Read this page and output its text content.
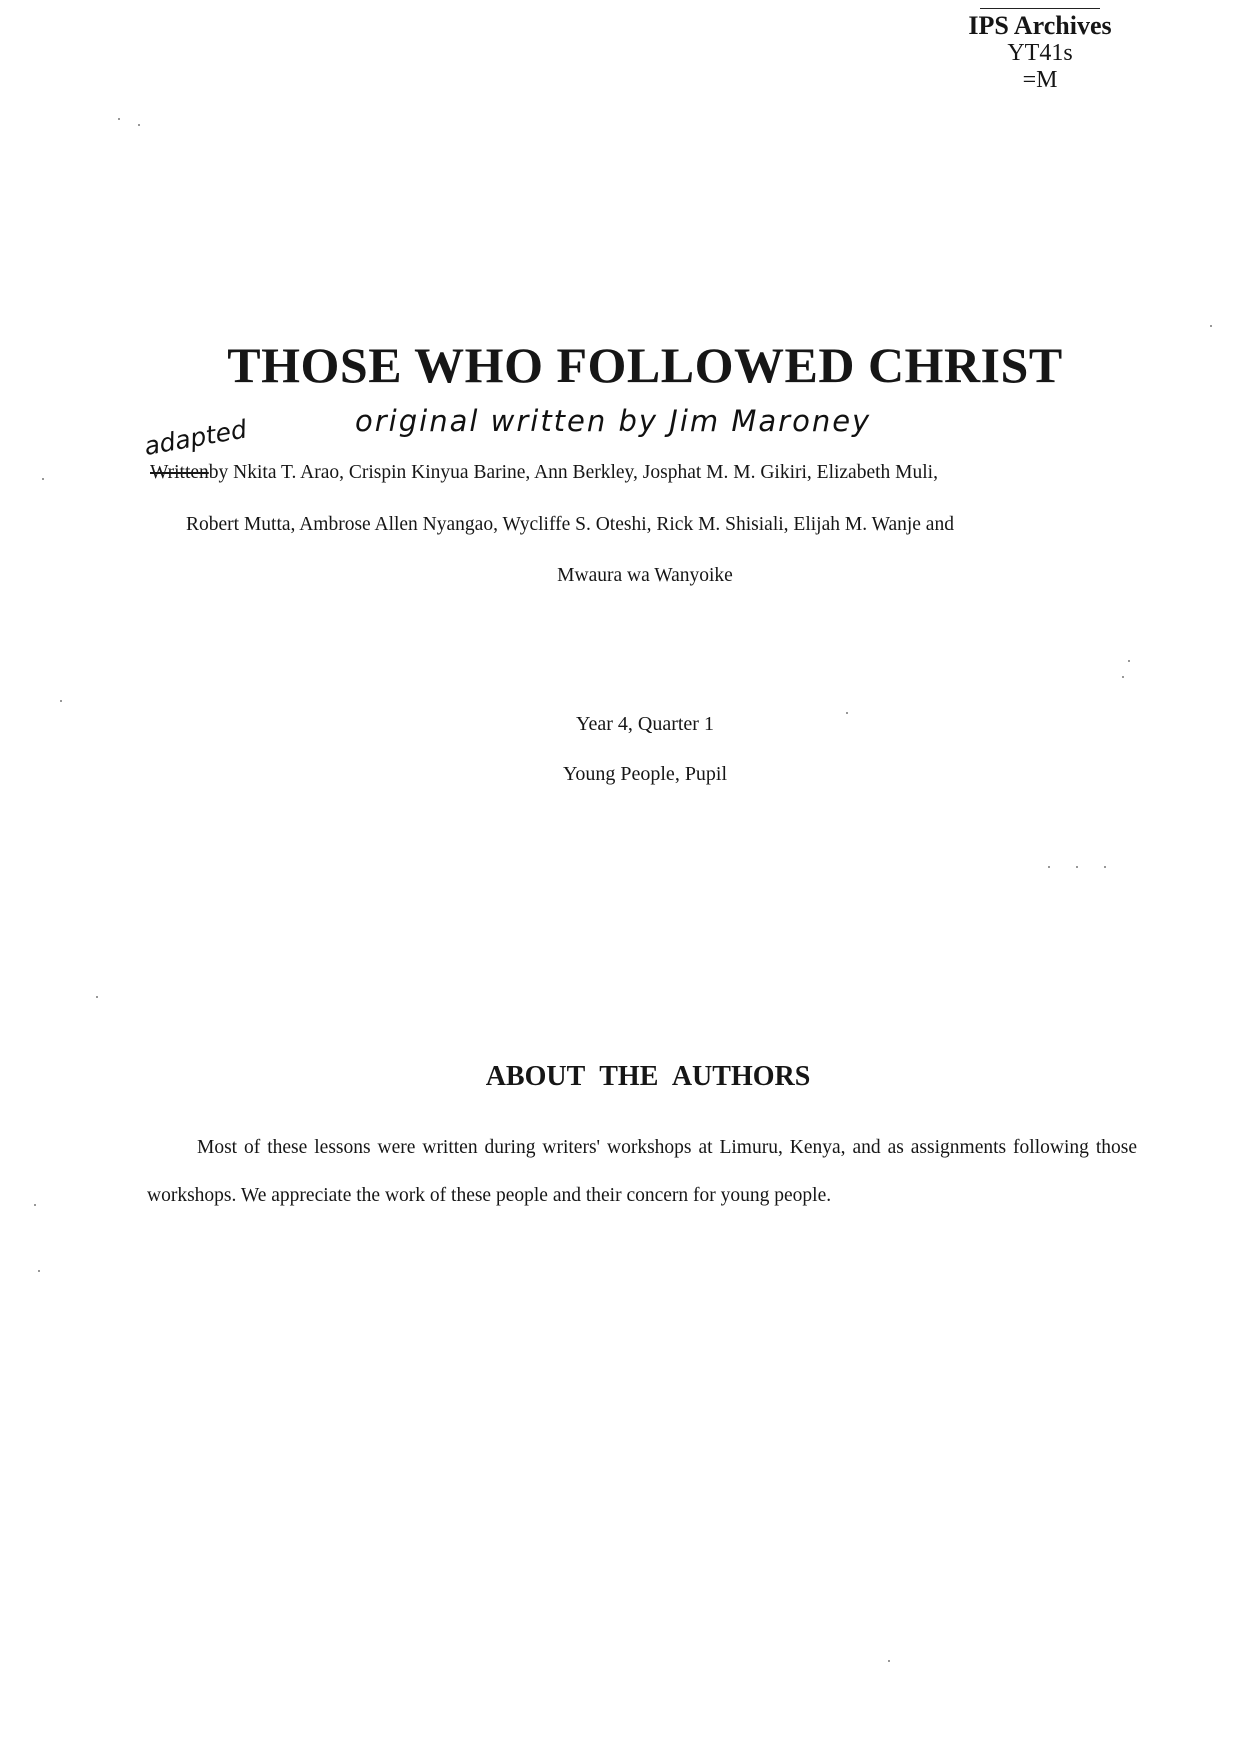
IPS Archives
YT41s
=M
THOSE WHO FOLLOWED CHRIST
original written by Jim Maroney
adapted
Writtenby Nkita T. Arao, Crispin Kinyua Barine, Ann Berkley, Josphat M. M. Gikiri, Elizabeth Muli,
Robert Mutta, Ambrose Allen Nyangao, Wycliffe S. Oteshi, Rick M. Shisiali, Elijah M. Wanje and
Mwaura wa Wanyoike
Year 4, Quarter 1
Young People, Pupil
ABOUT THE AUTHORS

Most of these lessons were written during writers' workshops at Limuru, Kenya, and as assignments following those workshops. We appreciate the work of these people and their concern for young people.
